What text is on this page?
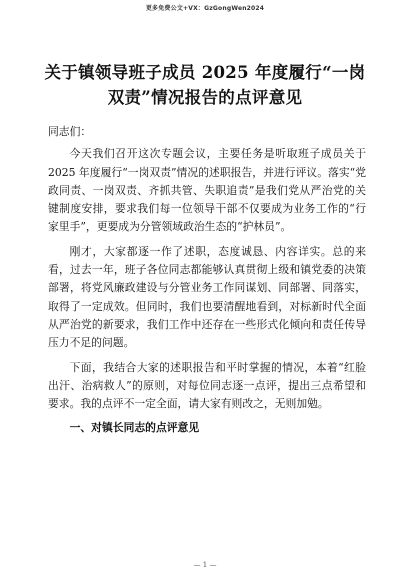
更多免费公文+VX：GzGongWen2024
关于镇领导班子成员 2025 年度履行“一岗双责”情况报告的点评意见

同志们：

今天我们召开这次专题会议，主要任务是听取班子成员关于 2025 年度履行“一岗双责”情况的述职报告，并进行评议。落实“党政同责、一岗双责、齐抓共管、失职追责”是我们党从严治党的关键制度安排，要求我们每一位领导干部不仅要成为业务工作的“行家里手”，更要成为分管领域政治生态的“护林员”。

刚才，大家都逐一作了述职，态度诚恳、内容详实。总的来看，过去一年，班子各位同志都能够认真贯彻上级和镇党委的决策部署，将党风廉政建设与分管业务工作同谋划、同部署、同落实，取得了一定成效。但同时，我们也要清醒地看到，对标新时代全面从严治党的新要求，我们工作中还存在一些形式化倾向和责任传导压力不足的问题。

下面，我结合大家的述职报告和平时掌握的情况，本着“红脸出汗、治病救人”的原则，对每位同志逐一点评，提出三点希望和要求。我的点评不一定全面，请大家有则改之，无则加勉。

一、对镇长同志的点评意见

— 1 —
